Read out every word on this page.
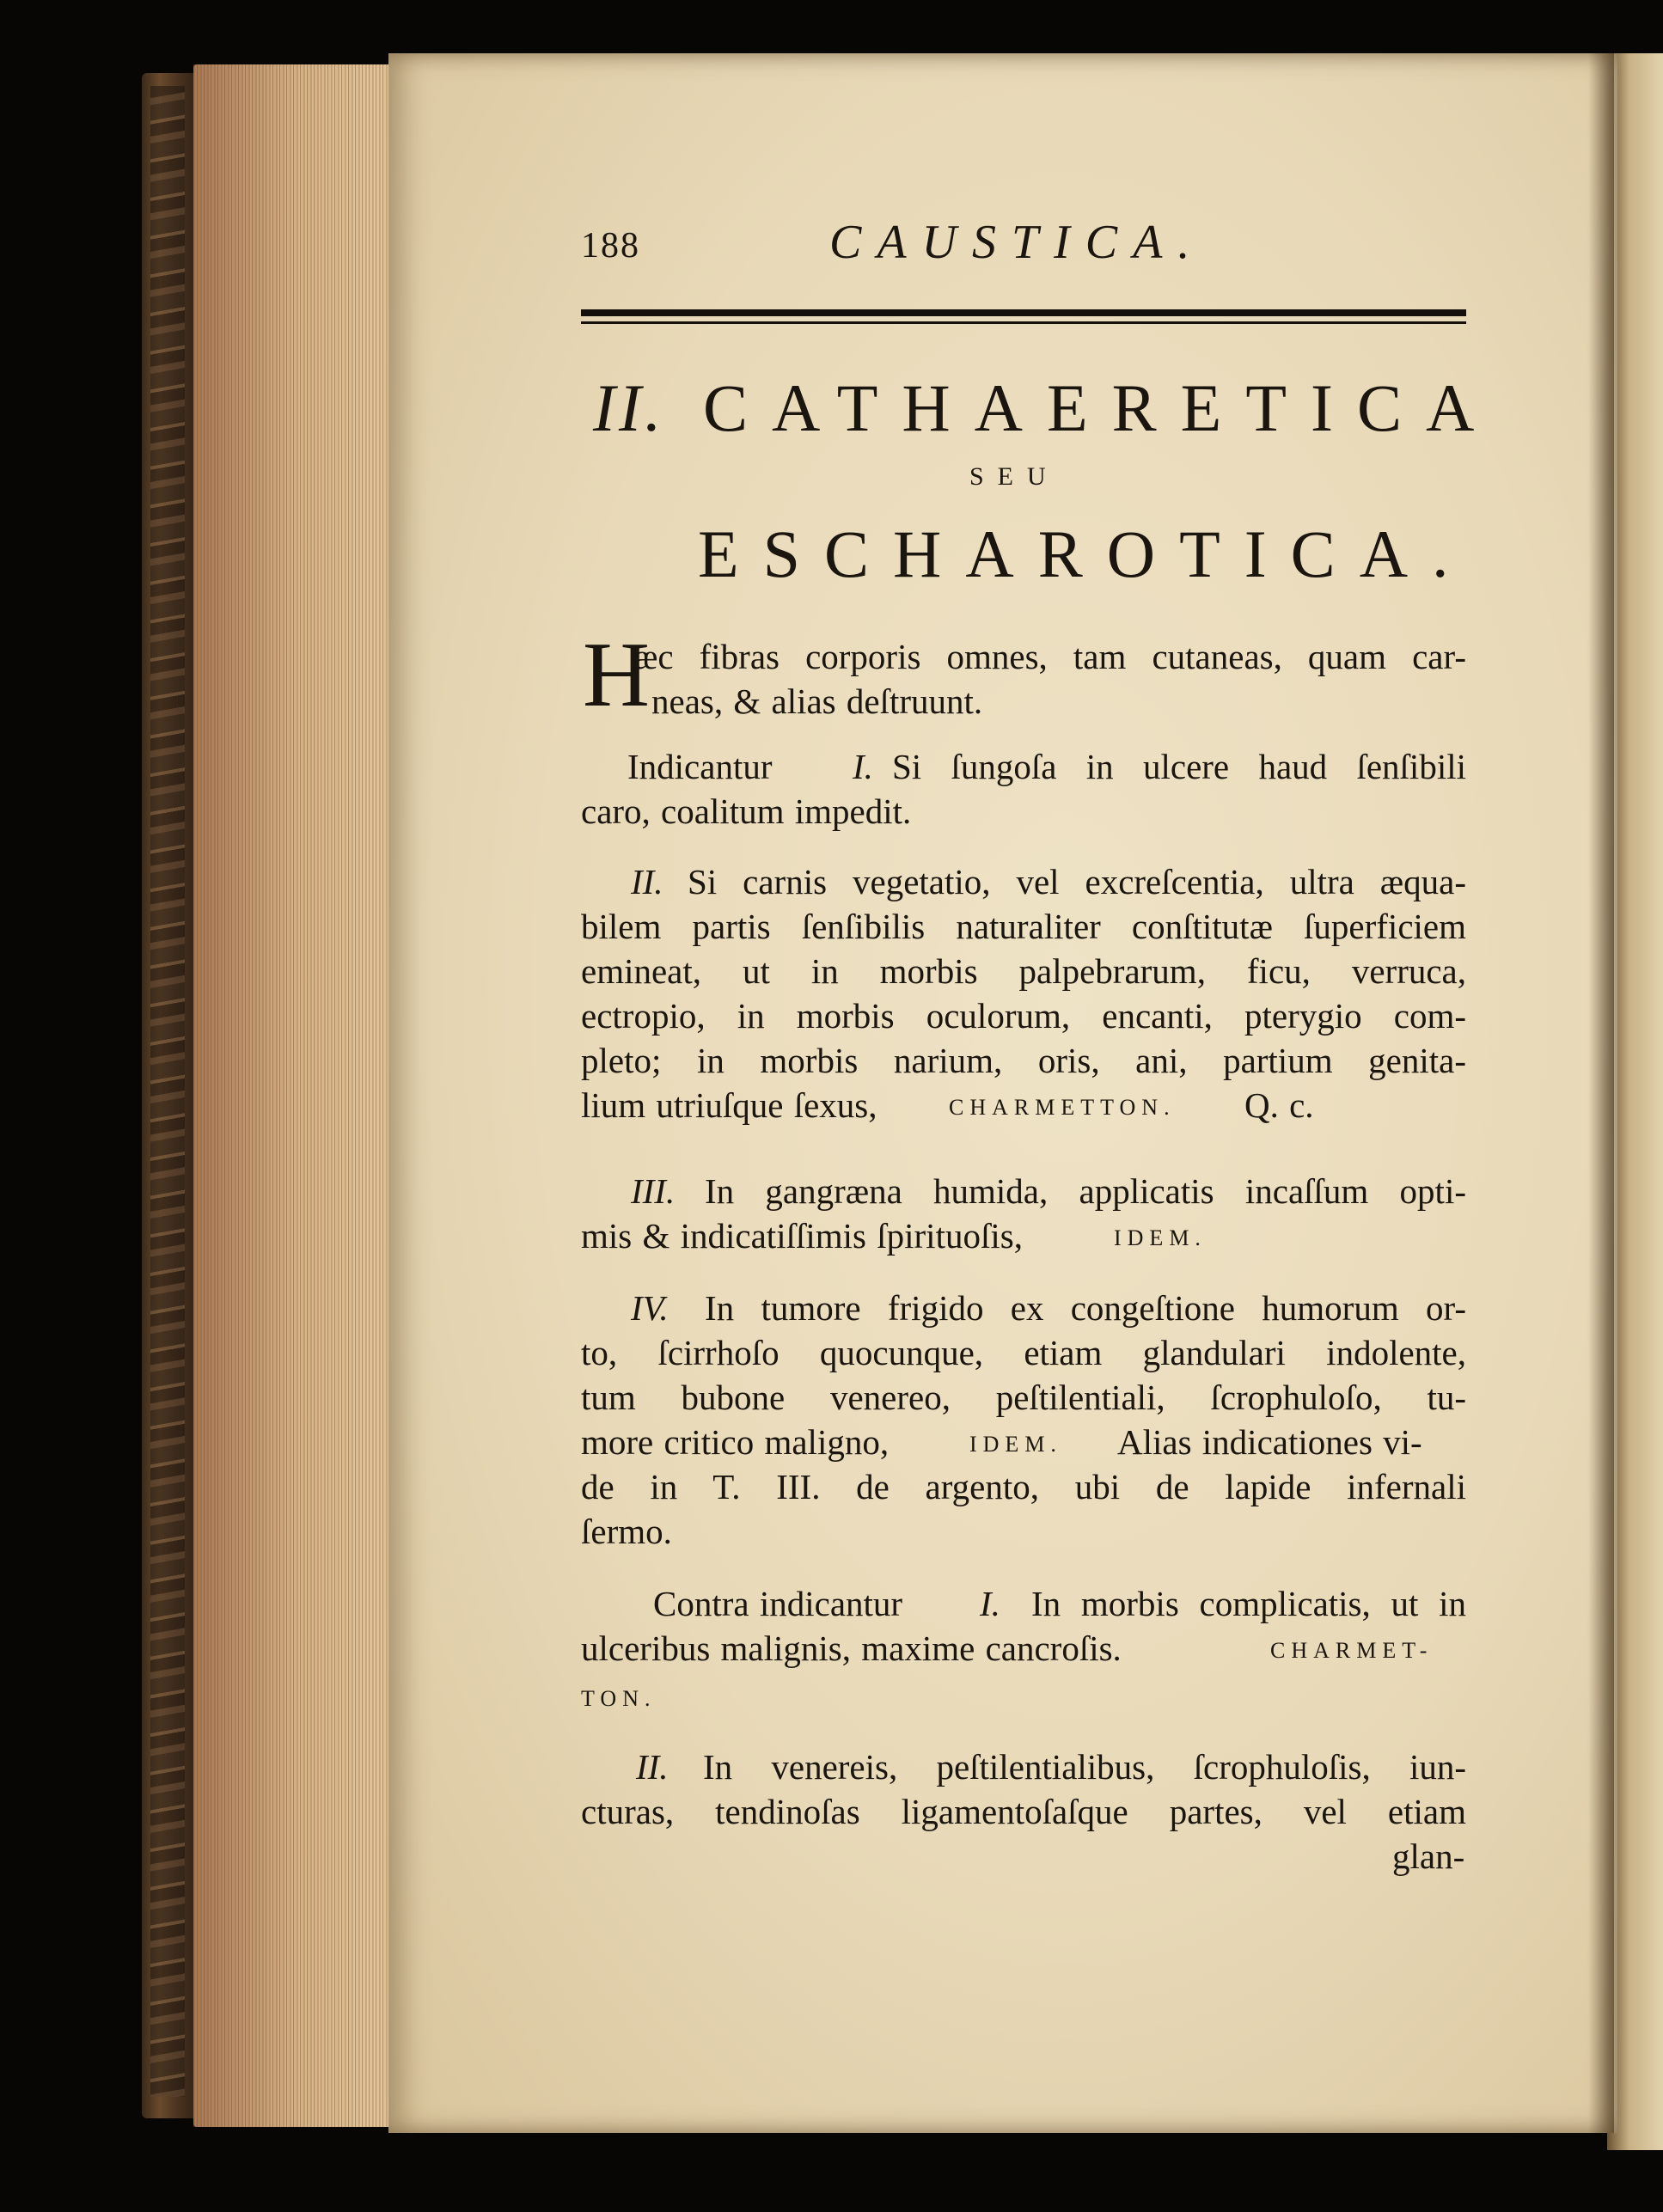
188	CAUSTICA.
II. CATHAERETICA
SEU
ESCHAROTICA.
H
æc fibras corporis omnes, tam cutaneas, quam car-
neas, & alias deſtruunt.
Indicantur I. Si ſungoſa in ulcere haud ſenſibili
caro, coalitum impedit.
II. Si carnis vegetatio, vel excreſcentia, ultra æqua-
bilem partis ſenſibilis naturaliter conſtitutæ ſuperficiem
emineat, ut in morbis palpebrarum, ficu, verruca,
ectropio, in morbis oculorum, encanti, pterygio com-
pleto; in morbis narium, oris, ani, partium genita-
lium utriuſque ſexus,	CHARMETTON. Q. c.
III. In gangræna humida, applicatis incaſſum opti-
mis & indicatiſſimis ſpirituoſis,	IDEM.
IV. In tumore frigido ex congeſtione humorum or-
to, ſcirrhoſo quocunque, etiam glandulari indolente,
tum bubone venereo, peſtilentiali, ſcrophuloſo, tu-
more critico maligno,	IDEM. Alias indicationes vi-
de in T. III. de argento, ubi de lapide infernali
ſermo.
Contra indicantur I. In morbis complicatis, ut in
ulceribus malignis, maxime cancroſis.	CHARMET-
TON.
II. In venereis, peſtilentialibus, ſcrophuloſis, iun-
cturas, tendinoſas ligamentoſaſque partes, vel etiam
glan-
